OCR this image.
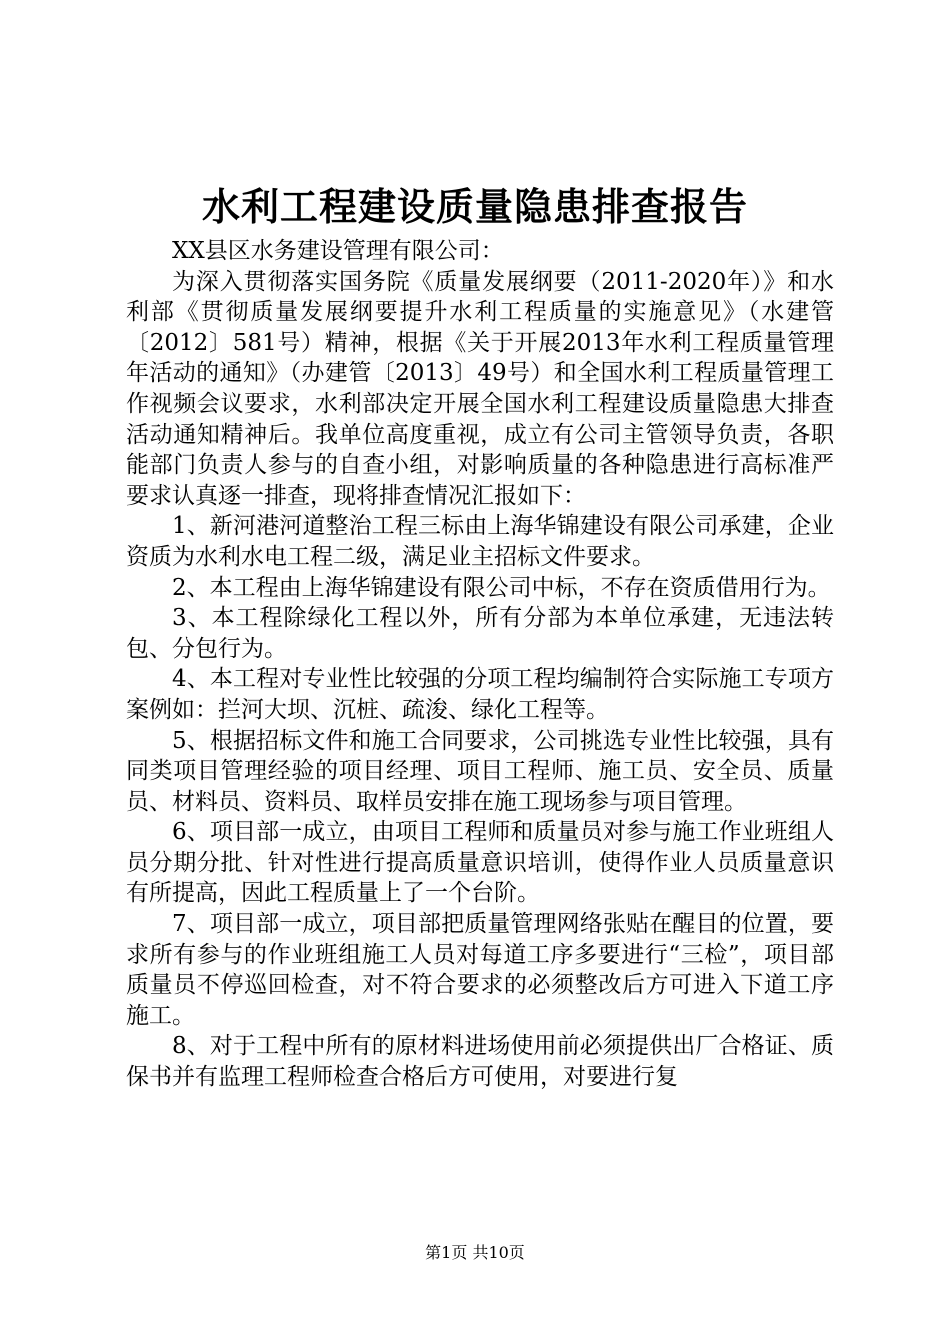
水利工程建设质量隐患排查报告

XX县区水务建设管理有限公司：

为深入贯彻落实国务院《质量发展纲要（2011-2020年）》和水利部《贯彻质量发展纲要提升水利工程质量的实施意见》（水建管〔2012〕581号）精神，根据《关于开展2013年水利工程质量管理年活动的通知》（办建管〔2013〕49号）和全国水利工程质量管理工作视频会议要求，水利部决定开展全国水利工程建设质量隐患大排查活动通知精神后。我单位高度重视，成立有公司主管领导负责，各职能部门负责人参与的自查小组，对影响质量的各种隐患进行高标准严要求认真逐一排查，现将排查情况汇报如下：

1、新河港河道整治工程三标由上海华锦建设有限公司承建，企业资质为水利水电工程二级，满足业主招标文件要求。

2、本工程由上海华锦建设有限公司中标，不存在资质借用行为。

3、本工程除绿化工程以外，所有分部为本单位承建，无违法转包、分包行为。

4、本工程对专业性比较强的分项工程均编制符合实际施工专项方案例如：拦河大坝、沉桩、疏浚、绿化工程等。

5、根据招标文件和施工合同要求，公司挑选专业性比较强，具有同类项目管理经验的项目经理、项目工程师、施工员、安全员、质量员、材料员、资料员、取样员安排在施工现场参与项目管理。

6、项目部一成立，由项目工程师和质量员对参与施工作业班组人员分期分批、针对性进行提高质量意识培训，使得作业人员质量意识有所提高，因此工程质量上了一个台阶。

7、项目部一成立，项目部把质量管理网络张贴在醒目的位置，要求所有参与的作业班组施工人员对每道工序多要进行“三检”，项目部质量员不停巡回检查，对不符合要求的必须整改后方可进入下道工序施工。

8、对于工程中所有的原材料进场使用前必须提供出厂合格证、质保书并有监理工程师检查合格后方可使用，对要进行复

第1页 共10页
